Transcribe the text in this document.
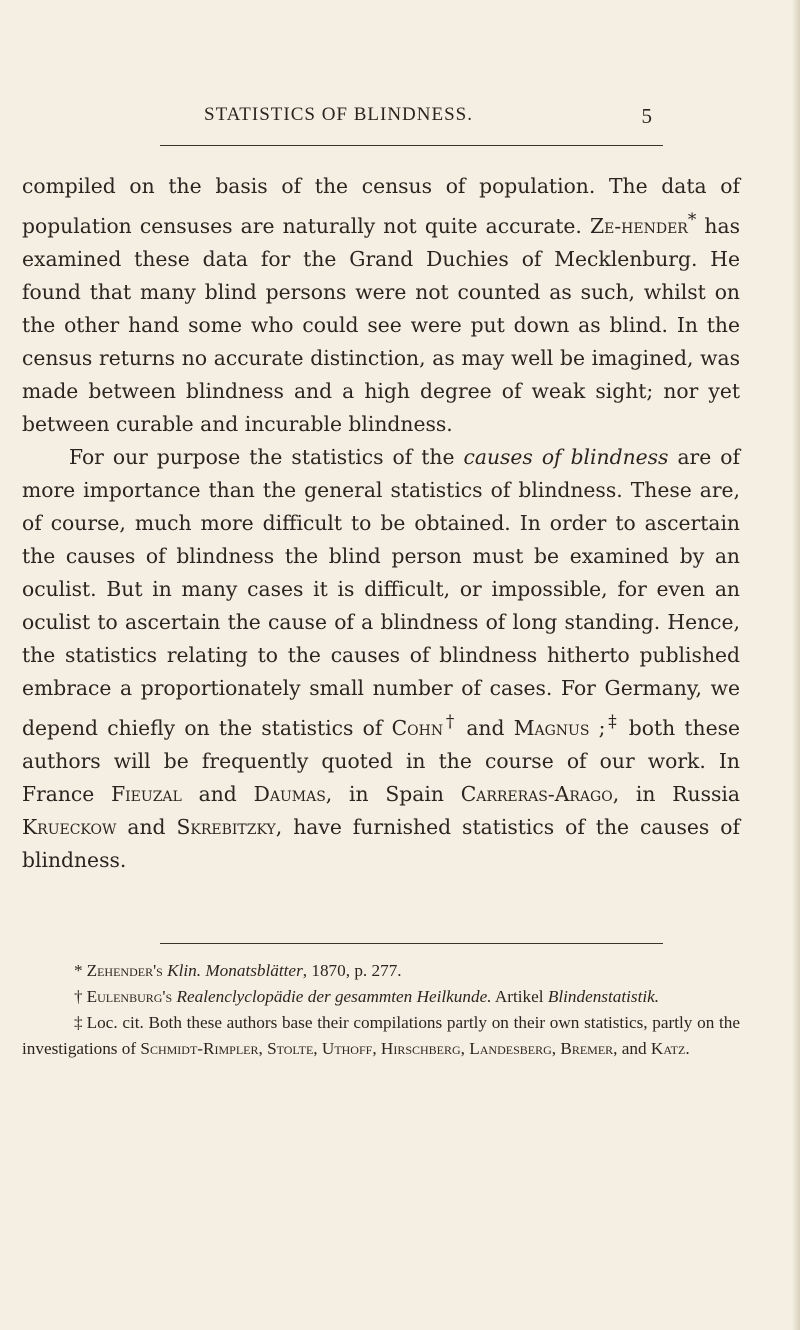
STATISTICS OF BLINDNESS.	5

compiled on the basis of the census of population. The data of population censuses are naturally not quite accurate. Ze-hender* has examined these data for the Grand Duchies of Mecklenburg. He found that many blind persons were not counted as such, whilst on the other hand some who could see were put down as blind. In the census returns no accurate distinction, as may well be imagined, was made between blindness and a high degree of weak sight; nor yet between curable and incurable blindness.

For our purpose the statistics of the causes of blindness are of more importance than the general statistics of blindness. These are, of course, much more difficult to be obtained. In order to ascertain the causes of blindness the blind person must be examined by an oculist. But in many cases it is difficult, or impossible, for even an oculist to ascertain the cause of a blindness of long standing. Hence, the statistics relating to the causes of blindness hitherto published embrace a proportionately small number of cases. For Germany, we depend chiefly on the statistics of Cohn† and Magnus ;‡ both these authors will be frequently quoted in the course of our work. In France Fieuzal and Daumas, in Spain Carreras-Arago, in Russia Krueckow and Skrebitzky, have furnished statistics of the causes of blindness.

* Zehender's Klin. Monatsblätter, 1870, p. 277.

† Eulenburg's Realenclyclopädie der gesammten Heilkunde. Artikel Blindenstatistik.

‡ Loc. cit. Both these authors base their compilations partly on their own statistics, partly on the investigations of Schmidt-Rimpler, Stolte, Uthoff, Hirschberg, Landesberg, Bremer, and Katz.
